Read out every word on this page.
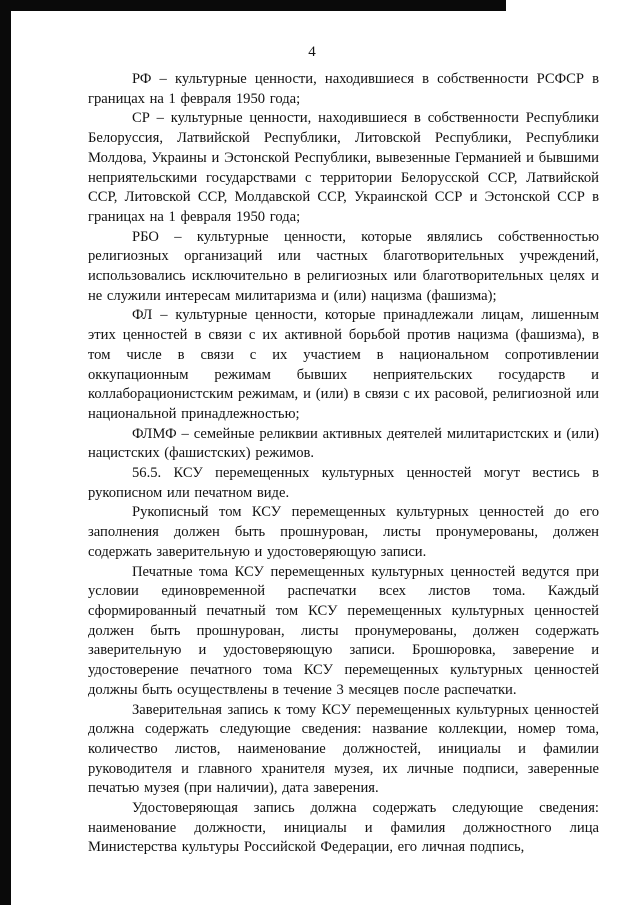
4

РФ – культурные ценности, находившиеся в собственности РСФСР в границах на 1 февраля 1950 года;

СР – культурные ценности, находившиеся в собственности Республики Белоруссия, Латвийской Республики, Литовской Республики, Республики Молдова, Украины и Эстонской Республики, вывезенные Германией и бывшими неприятельскими государствами с территории Белорусской ССР, Латвийской ССР, Литовской ССР, Молдавской ССР, Украинской ССР и Эстонской ССР в границах на 1 февраля 1950 года;

РБО – культурные ценности, которые являлись собственностью религиозных организаций или частных благотворительных учреждений, использовались исключительно в религиозных или благотворительных целях и не служили интересам милитаризма и (или) нацизма (фашизма);

ФЛ – культурные ценности, которые принадлежали лицам, лишенным этих ценностей в связи с их активной борьбой против нацизма (фашизма), в том числе в связи с их участием в национальном сопротивлении оккупационным режимам бывших неприятельских государств и коллаборационистским режимам, и (или) в связи с их расовой, религиозной или национальной принадлежностью;

ФЛМФ – семейные реликвии активных деятелей милитаристских и (или) нацистских (фашистских) режимов.

56.5. КСУ перемещенных культурных ценностей могут вестись в рукописном или печатном виде.

Рукописный том КСУ перемещенных культурных ценностей до его заполнения должен быть прошнурован, листы пронумерованы, должен содержать заверительную и удостоверяющую записи.

Печатные тома КСУ перемещенных культурных ценностей ведутся при условии единовременной распечатки всех листов тома. Каждый сформированный печатный том КСУ перемещенных культурных ценностей должен быть прошнурован, листы пронумерованы, должен содержать заверительную и удостоверяющую записи. Брошюровка, заверение и удостоверение печатного тома КСУ перемещенных культурных ценностей должны быть осуществлены в течение 3 месяцев после распечатки.

Заверительная запись к тому КСУ перемещенных культурных ценностей должна содержать следующие сведения: название коллекции, номер тома, количество листов, наименование должностей, инициалы и фамилии руководителя и главного хранителя музея, их личные подписи, заверенные печатью музея (при наличии), дата заверения.

Удостоверяющая запись должна содержать следующие сведения: наименование должности, инициалы и фамилия должностного лица Министерства культуры Российской Федерации, его личная подпись,
